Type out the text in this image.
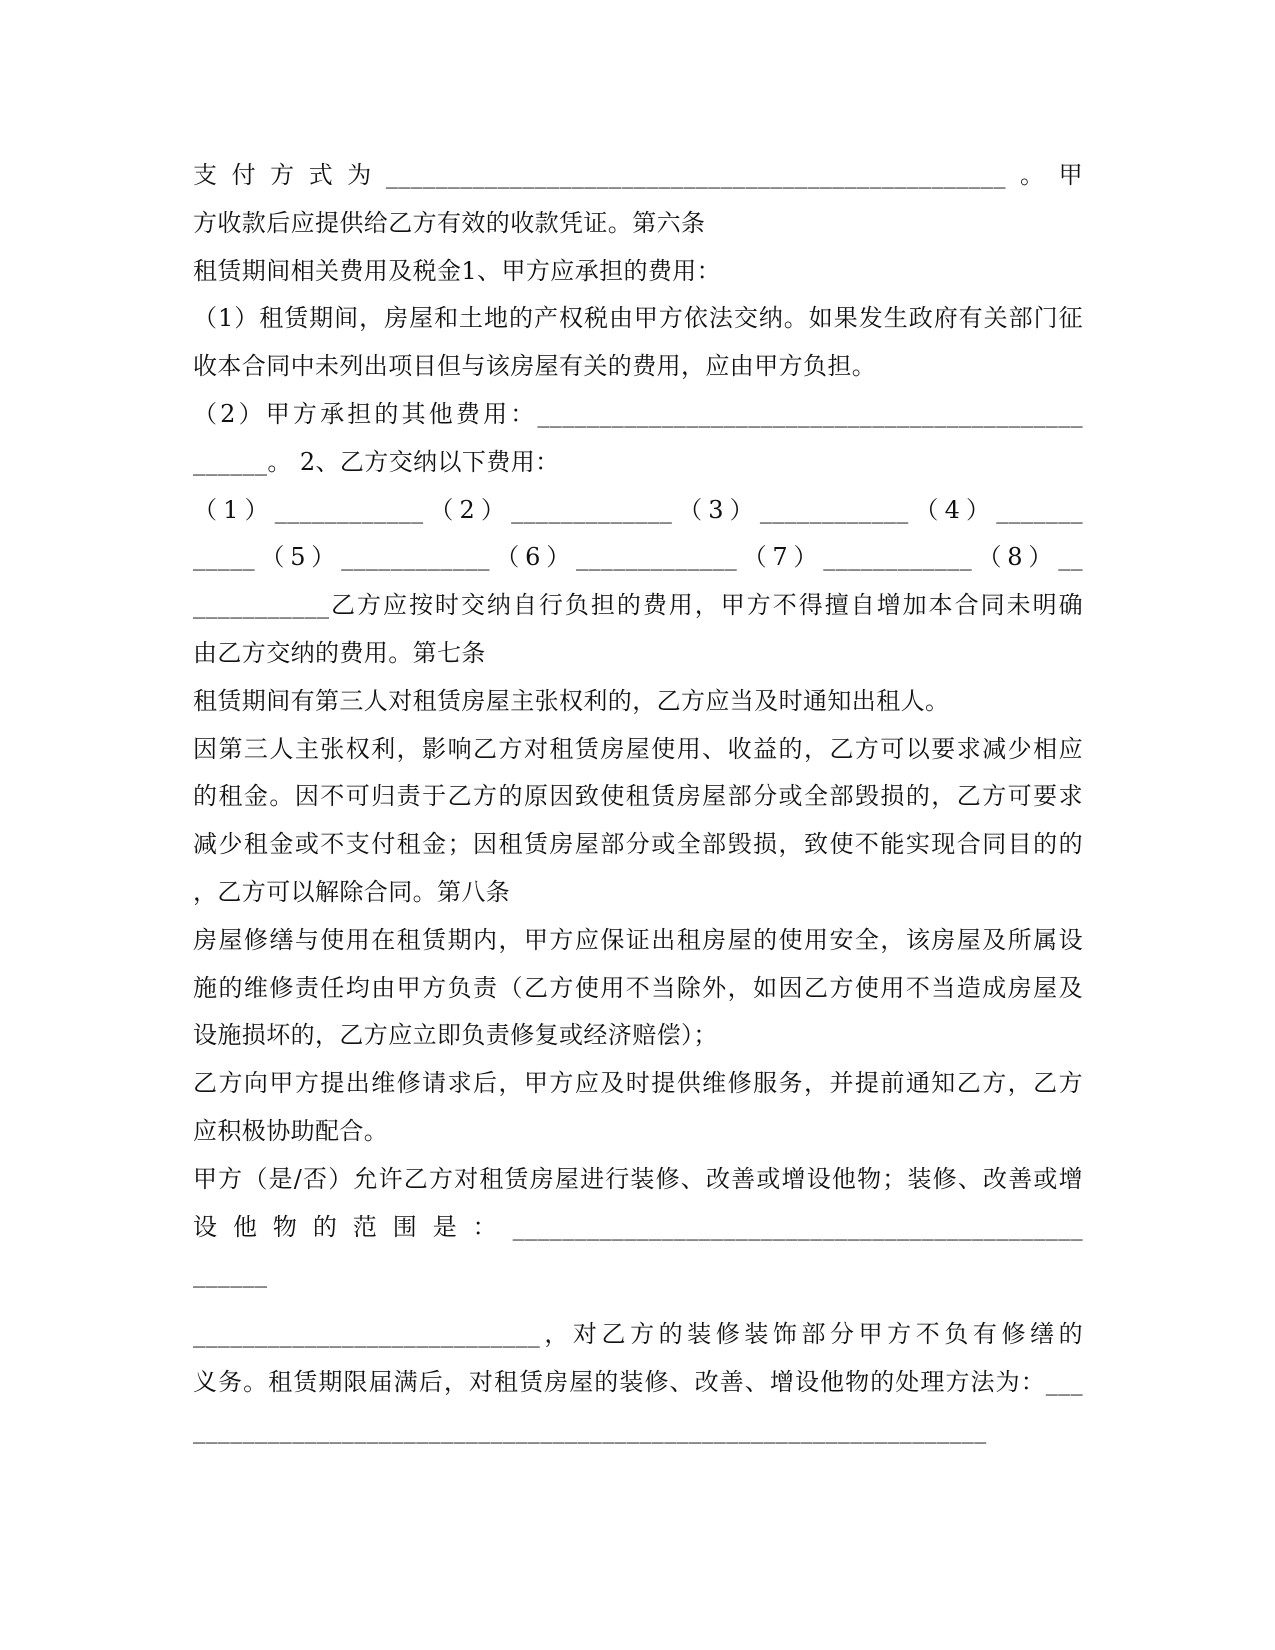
支付方式为__________________________________________________。甲
方收款后应提供给乙方有效的收款凭证。第六条
租赁期间相关费用及税金1、甲方应承担的费用：
（1）租赁期间，房屋和土地的产权税由甲方依法交纳。如果发生政府有关部门征
收本合同中未列出项目但与该房屋有关的费用，应由甲方负担。
（2）甲方承担的其他费用：____________________________________________
______。 2、乙方交纳以下费用：
（1）____________（2）_____________（3）____________（4）_______
_____（5）____________（6）_____________（7）____________（8）__
___________乙方应按时交纳自行负担的费用，甲方不得擅自增加本合同未明确
由乙方交纳的费用。第七条
租赁期间有第三人对租赁房屋主张权利的，乙方应当及时通知出租人。
因第三人主张权利，影响乙方对租赁房屋使用、收益的，乙方可以要求减少相应
的租金。因不可归责于乙方的原因致使租赁房屋部分或全部毁损的，乙方可要求
减少租金或不支付租金；因租赁房屋部分或全部毁损，致使不能实现合同目的的
，乙方可以解除合同。第八条
房屋修缮与使用在租赁期内，甲方应保证出租房屋的使用安全，该房屋及所属设
施的维修责任均由甲方负责（乙方使用不当除外，如因乙方使用不当造成房屋及
设施损坏的，乙方应立即负责修复或经济赔偿）；
乙方向甲方提出维修请求后，甲方应及时提供维修服务，并提前通知乙方，乙方
应积极协助配合。
甲方（是/否）允许乙方对租赁房屋进行装修、改善或增设他物；装修、改善或增
设他物的范围是：______________________________________________
______
____________________________，对乙方的装修装饰部分甲方不负有修缮的
义务。租赁期限届满后，对租赁房屋的装修、改善、增设他物的处理方法为：___
________________________________________________________________
